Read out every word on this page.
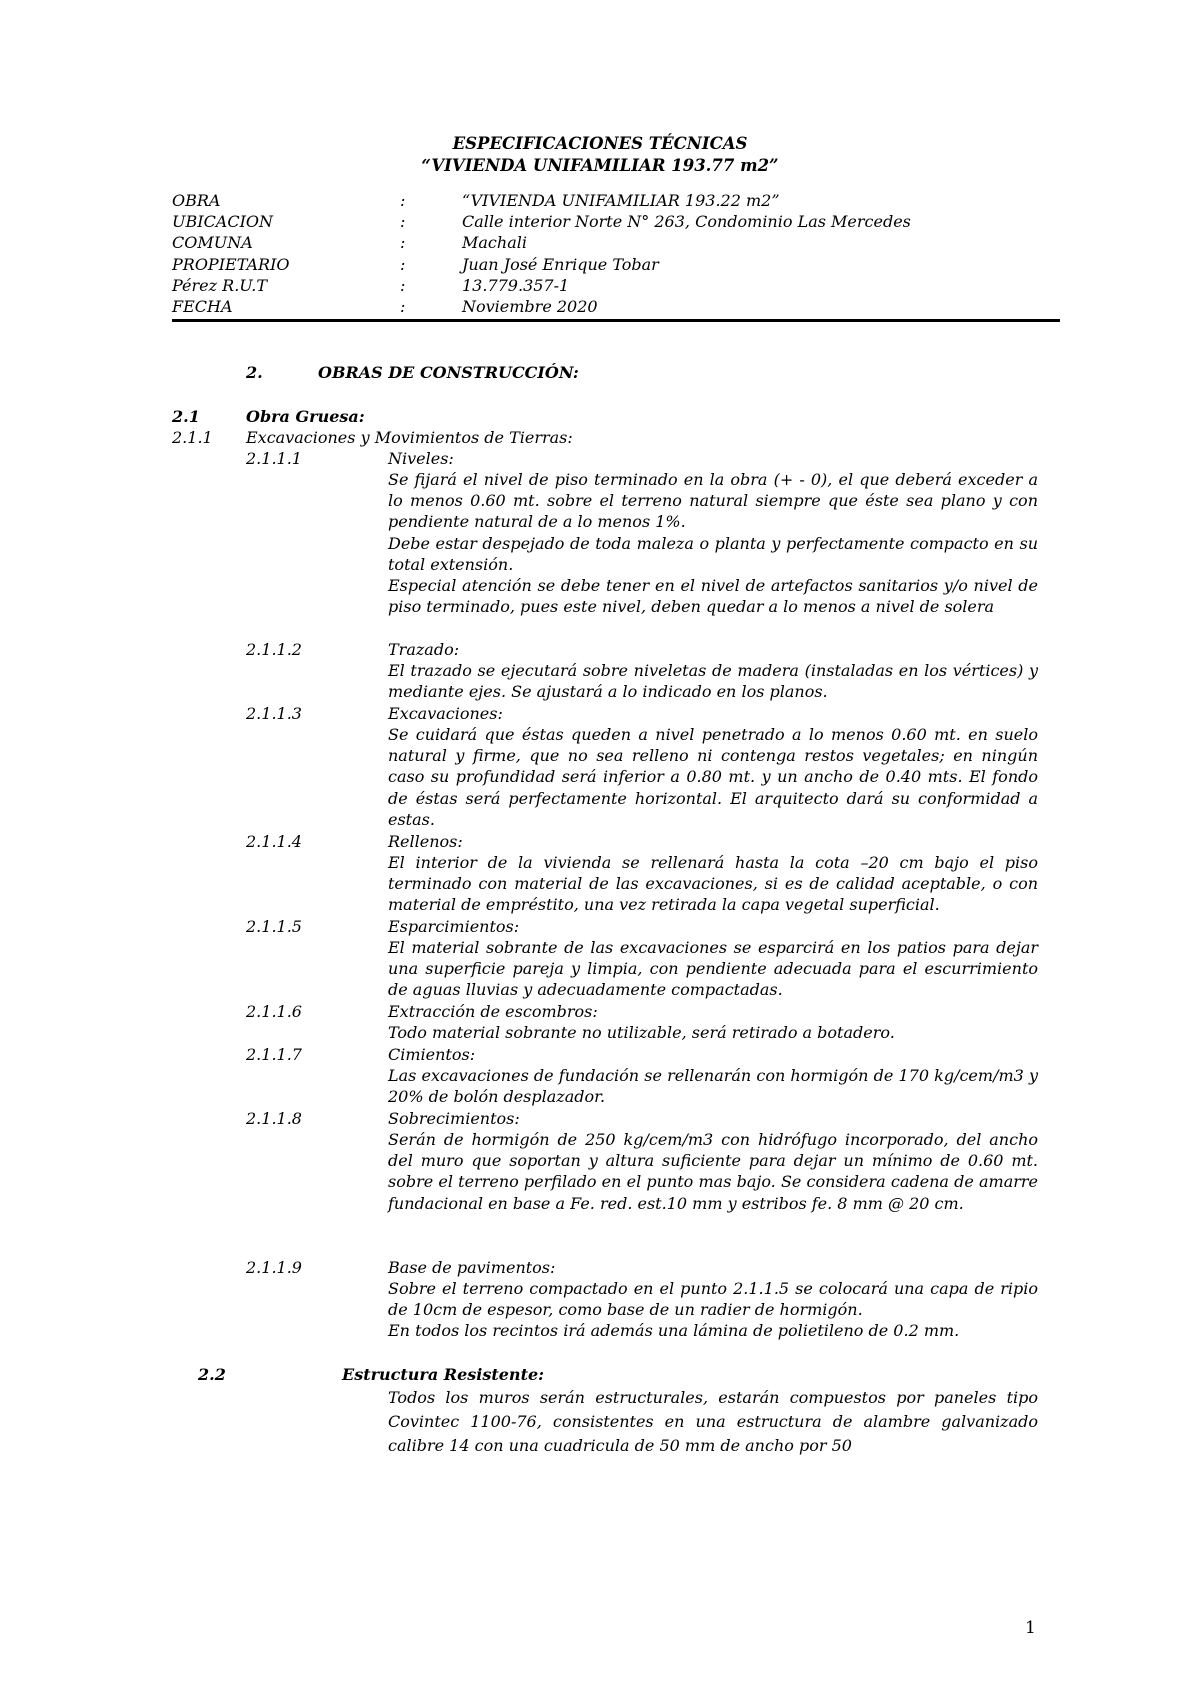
ESPECIFICACIONES TÉCNICAS
“VIVIENDA UNIFAMILIAR 193.77 m2”
OBRA	:	“VIVIENDA UNIFAMILIAR 193.22 m2”
UBICACION	:	Calle interior Norte N° 263, Condominio Las Mercedes
COMUNA	:	Machali
PROPIETARIO	:	Juan José Enrique Tobar
Pérez R.U.T	:	13.779.357-1
FECHA	:	Noviembre 2020
2.	OBRAS DE CONSTRUCCIÓN:
2.1	Obra Gruesa:
2.1.1 Excavaciones y Movimientos de Tierras:
2.1.1.1	Niveles:
Se fijará el nivel de piso terminado en la obra (+ - 0), el que deberá exceder a lo menos 0.60 mt. sobre el terreno natural siempre que éste sea plano y con pendiente natural de a lo menos 1%.
Debe estar despejado de toda maleza o planta y perfectamente compacto en su total extensión.
Especial atención se debe tener en el nivel de artefactos sanitarios y/o nivel de piso terminado, pues este nivel, deben quedar a lo menos a nivel de solera
2.1.1.2	Trazado:
El trazado se ejecutará sobre niveletas de madera (instaladas en los vértices) y mediante ejes. Se ajustará a lo indicado en los planos.
2.1.1.3	Excavaciones:
Se cuidará que éstas queden a nivel penetrado a lo menos 0.60 mt. en suelo natural y firme, que no sea relleno ni contenga restos vegetales; en ningún caso su profundidad será inferior a 0.80 mt. y un ancho de 0.40 mts. El fondo de éstas será perfectamente horizontal. El arquitecto dará su conformidad a estas.
2.1.1.4	Rellenos:
El interior de la vivienda se rellenará hasta la cota –20 cm bajo el piso terminado con material de las excavaciones, si es de calidad aceptable, o con material de empréstito, una vez retirada la capa vegetal superficial.
2.1.1.5	Esparcimientos:
El material sobrante de las excavaciones se esparcirá en los patios para dejar una superficie pareja y limpia, con pendiente adecuada para el escurrimiento de aguas lluvias y adecuadamente compactadas.
2.1.1.6	Extracción de escombros:
Todo material sobrante no utilizable, será retirado a botadero.
2.1.1.7	Cimientos:
Las excavaciones de fundación se rellenarán con hormigón de 170 kg/cem/m3 y 20% de bolón desplazador.
2.1.1.8	Sobrecimientos:
Serán de hormigón de 250 kg/cem/m3 con hidrófugo incorporado, del ancho del muro que soportan y altura suficiente para dejar un mínimo de 0.60 mt. sobre el terreno perfilado en el punto mas bajo. Se considera cadena de amarre fundacional en base a Fe. red. est.10 mm y estribos fe. 8 mm @ 20 cm.
2.1.1.9	Base de pavimentos:
Sobre el terreno compactado en el punto 2.1.1.5 se colocará una capa de ripio de 10cm de espesor, como base de un radier de hormigón.
En todos los recintos irá además una lámina de polietileno de 0.2 mm.
2.2	Estructura Resistente:
Todos los muros serán estructurales, estarán compuestos por paneles tipo Covintec 1100-76, consistentes en una estructura de alambre galvanizado calibre 14 con una cuadricula de 50 mm de ancho por 50
1
